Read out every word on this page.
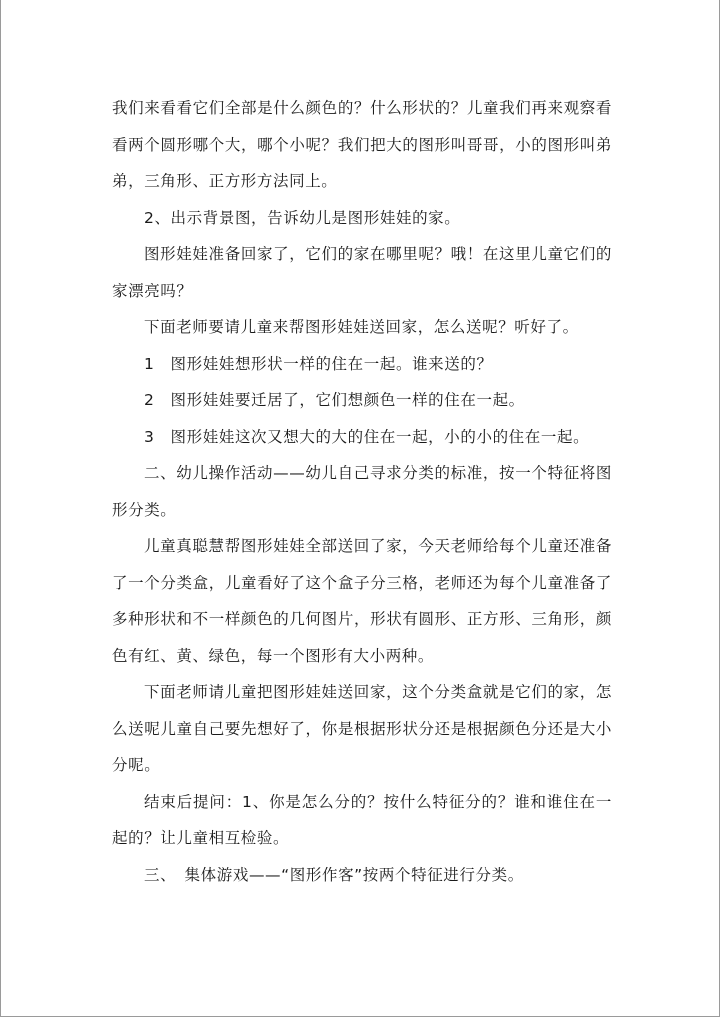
我们来看看它们全部是什么颜色的？什么形状的？儿童我们再来观察看看两个圆形哪个大，哪个小呢？我们把大的图形叫哥哥，小的图形叫弟弟，三角形、正方形方法同上。

2、出示背景图，告诉幼儿是图形娃娃的家。

图形娃娃准备回家了，它们的家在哪里呢？哦！在这里儿童它们的家漂亮吗？

下面老师要请儿童来帮图形娃娃送回家，怎么送呢？听好了。

1　图形娃娃想形状一样的住在一起。谁来送的？

2　图形娃娃要迁居了，它们想颜色一样的住在一起。

3　图形娃娃这次又想大的大的住在一起，小的小的住在一起。

二、幼儿操作活动——幼儿自己寻求分类的标准，按一个特征将图形分类。

儿童真聪慧帮图形娃娃全部送回了家，今天老师给每个儿童还准备了一个分类盒，儿童看好了这个盒子分三格，老师还为每个儿童准备了多种形状和不一样颜色的几何图片，形状有圆形、正方形、三角形，颜色有红、黄、绿色，每一个图形有大小两种。

下面老师请儿童把图形娃娃送回家，这个分类盒就是它们的家，怎么送呢儿童自己要先想好了，你是根据形状分还是根据颜色分还是大小分呢。

结束后提问：1、你是怎么分的？按什么特征分的？谁和谁住在一起的？让儿童相互检验。

三、　集体游戏——“图形作客”按两个特征进行分类。
